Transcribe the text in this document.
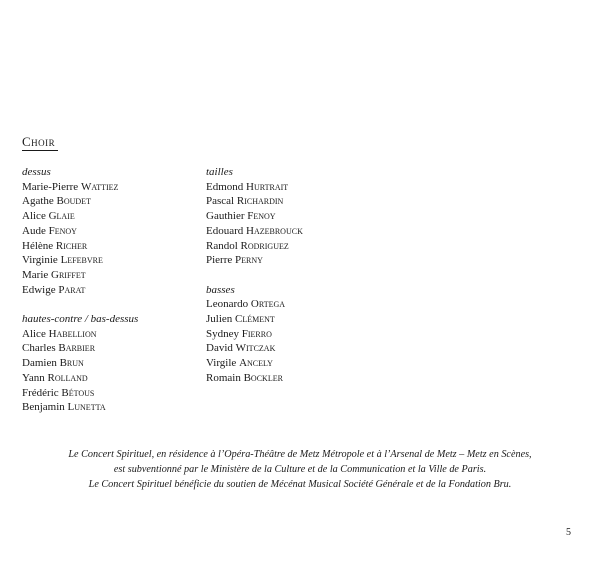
Choir
dessus
Marie-Pierre Wattiez
Agathe Boudet
Alice Glaie
Aude Fenoy
Hélène Richer
Virginie Lefebvre
Marie Griffet
Edwige Parat
hautes-contre / bas-dessus
Alice Habellion
Charles Barbier
Damien Brun
Yann Rolland
Frédéric Bétous
Benjamin Lunetta
tailles
Edmond Hurtrait
Pascal Richardin
Gauthier Fenoy
Edouard Hazebrouck
Randol Rodriguez
Pierre Perny
basses
Leonardo Ortega
Julien Clément
Sydney Fierro
David Witczak
Virgile Ancely
Romain Bockler
Le Concert Spirituel, en résidence à l’Opéra-Théâtre de Metz Métropole et à l’Arsenal de Metz – Metz en Scènes,
est subventionné par le Ministère de la Culture et de la Communication et la Ville de Paris.
Le Concert Spirituel bénéficie du soutien de Mécénat Musical Société Générale et de la Fondation Bru.
5
